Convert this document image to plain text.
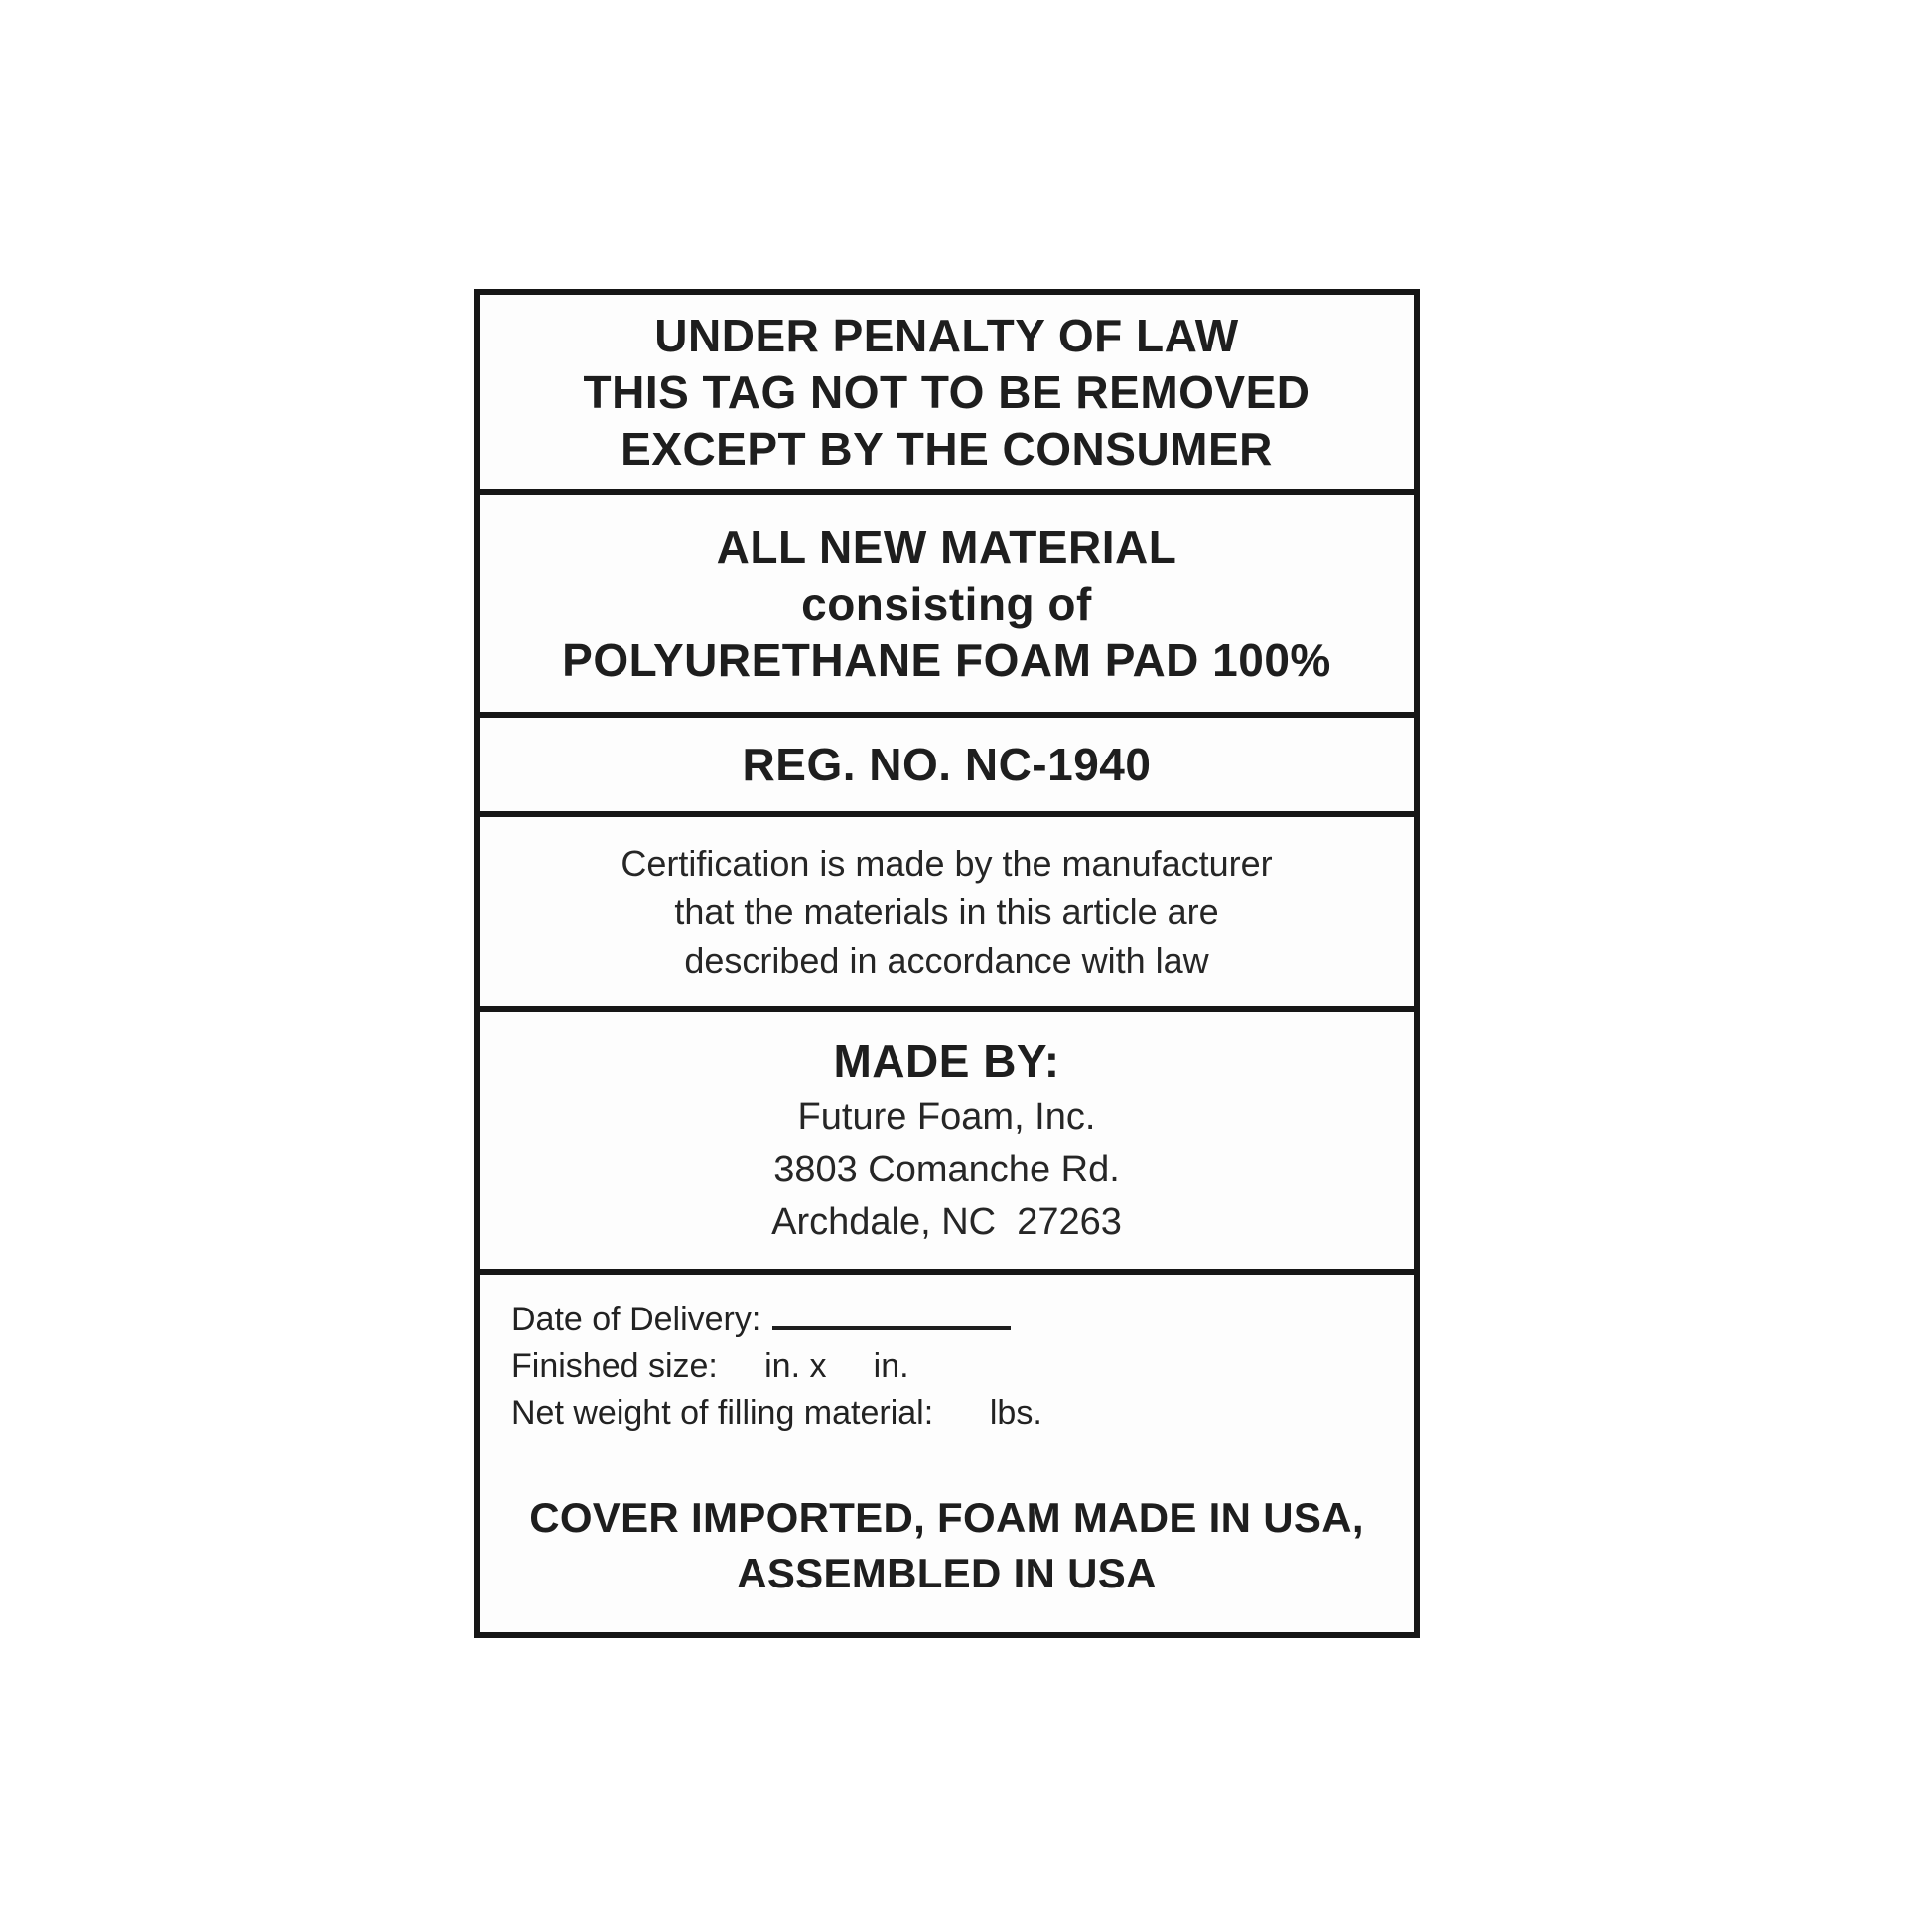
UNDER PENALTY OF LAW
THIS TAG NOT TO BE REMOVED
EXCEPT BY THE CONSUMER
ALL NEW MATERIAL
consisting of
POLYURETHANE FOAM PAD 100%
REG. NO. NC-1940
Certification is made by the manufacturer
that the materials in this article are
described in accordance with law
MADE BY:
Future Foam, Inc.
3803 Comanche Rd.
Archdale, NC  27263
Date of Delivery:
Finished size:     in. x     in.
Net weight of filling material:      lbs.
COVER IMPORTED, FOAM MADE IN USA,
ASSEMBLED IN USA
